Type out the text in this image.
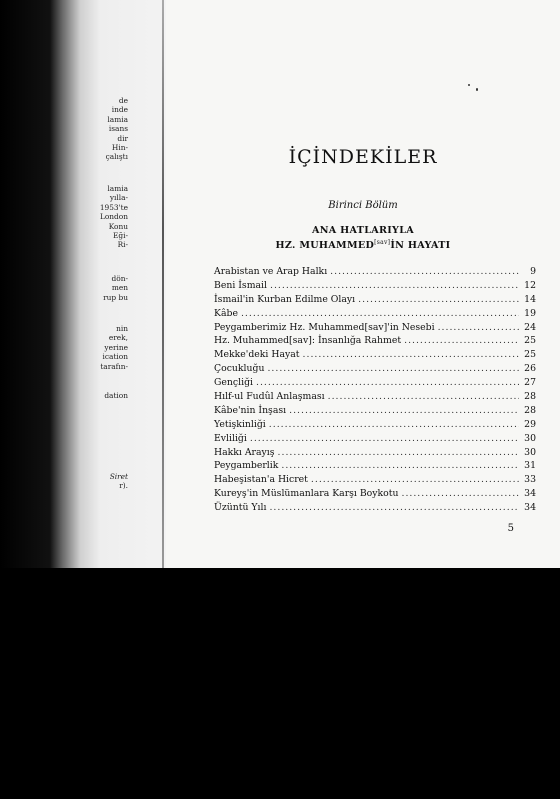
de
inde
lamia
isans
dir
Hin-
çalıştı
lamia
yılla-
1953'te
London
Konu
Eği-
Ri-
dön-
men
rup bu
nin
erek,
yerine
ication
tarafın-
dation
Siret
r).
İÇİNDEKİLER
Birinci Bölüm
ANA HATLARIYLA
HZ. MUHAMMED[sav]İN HAYATI
Arabistan ve Arap Halkı .....	9
Beni İsmail .....	12
İsmail'in Kurban Edilme Olayı .....	14
Kâbe .....	19
Peygamberimiz Hz. Muhammed[sav]'in Nesebi .....	24
Hz. Muhammed[sav]: İnsanlığa Rahmet .....	25
Mekke'deki Hayat .....	25
Çocukluğu .....	26
Gençliği .....	27
Hılf-ul Fudûl Anlaşması .....	28
Kâbe'nin İnşası .....	28
Yetişkinliği .....	29
Evliliği .....	30
Hakkı Arayış .....	30
Peygamberlik .....	31
Habeşistan'a Hicret .....	33
Kureyş'in Müslümanlara Karşı Boykotu .....	34
Üzüntü Yılı .....	34
5
